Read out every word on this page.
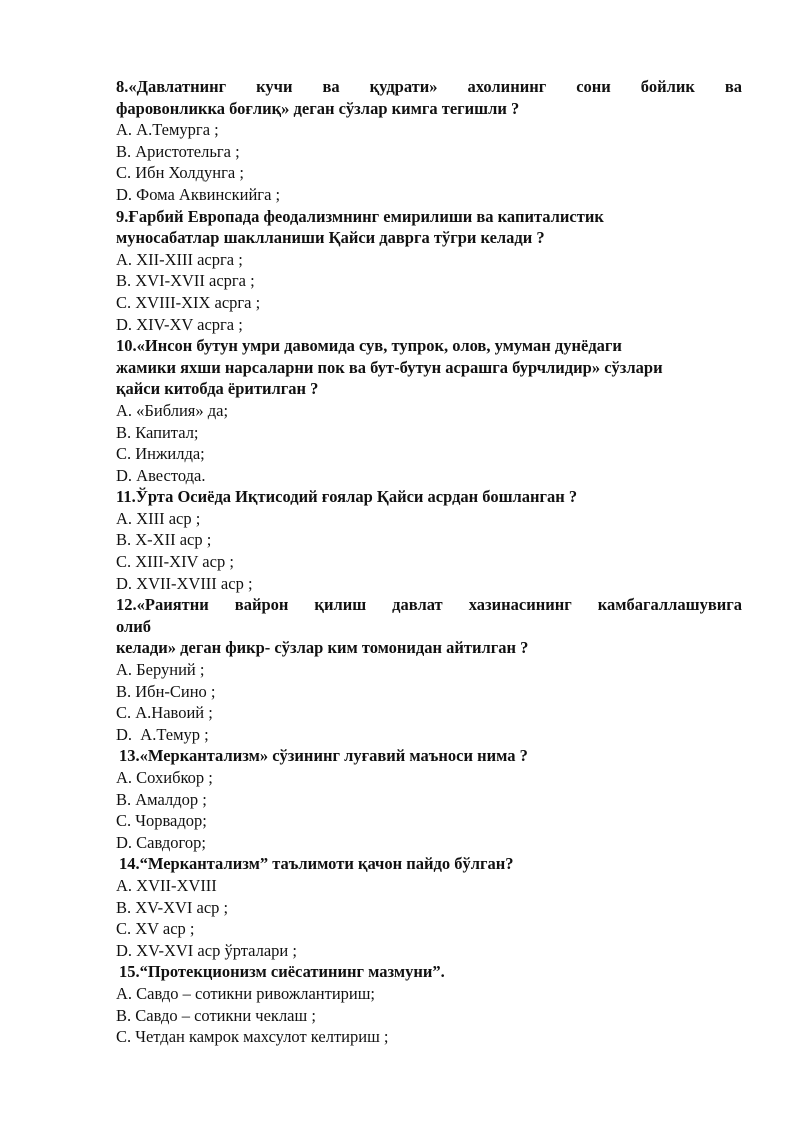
8.«Давлатнинг кучи ва қудрати» ахолининг сони бойлик ва

фаровонликка боғлиқ» деган сўзлар кимга тегишли ?

A. А.Темурга ;

B. Аристотельга ;

C. Ибн Холдунга ;

D. Фома Аквинскийга ;

9.Ғарбий Европада феодализмнинг емирилиши ва капиталистик

муносабатлар шаклланиши Қайси даврга тўгри келади ?

A. XII-XIII асрга ;

B. XVI-XVII асрга ;

C. XVIII-XIX асрга ;

D. XIV-XV асрга ;

10.«Инсон бутун умри давомида сув, тупрок, олов, умуман дунёдаги

жамики яхши нарсаларни пок ва бут-бутун асрашга бурчлидир» сўзлари

қайси китобда ёритилган ?

A. «Библия» да;

B. Капитал;

C. Инжилда;

D. Авестода.

11.Ўрта Осиёда Иқтисодий ғоялар Қайси асрдан бошланган ?

A. XIII аср ;

B. X-XII аср ;

C. XIII-XIV аср ;

D. XVII-XVIII аср ;

12.«Раиятни вайрон қилиш давлат хазинасининг камбагаллашувига

олиб

келади» деган фикр- сўзлар ким томонидан айтилган ?

A. Беруний ;

B. Ибн-Сино ;

C. А.Навоий ;

D.  А.Темур ;

13.«Меркантализм» сўзининг луғавий маъноси нима ?

A. Сохибкор ;

B. Амалдор ;

C. Чорвадор;

D. Савдогор;

14.“Меркантализм” таълимоти қачон пайдо бўлган?

A. XVII-XVIII

B. XV-XVI аср ;

C. XV аср ;

D. XV-XVI аср ўрталари ;

15.“Протекционизм сиёсатининг мазмуни”.

A. Савдо – сотикни ривожлантириш;

B. Савдо – сотикни чеклаш ;

C. Четдан камрок махсулот келтириш ;
